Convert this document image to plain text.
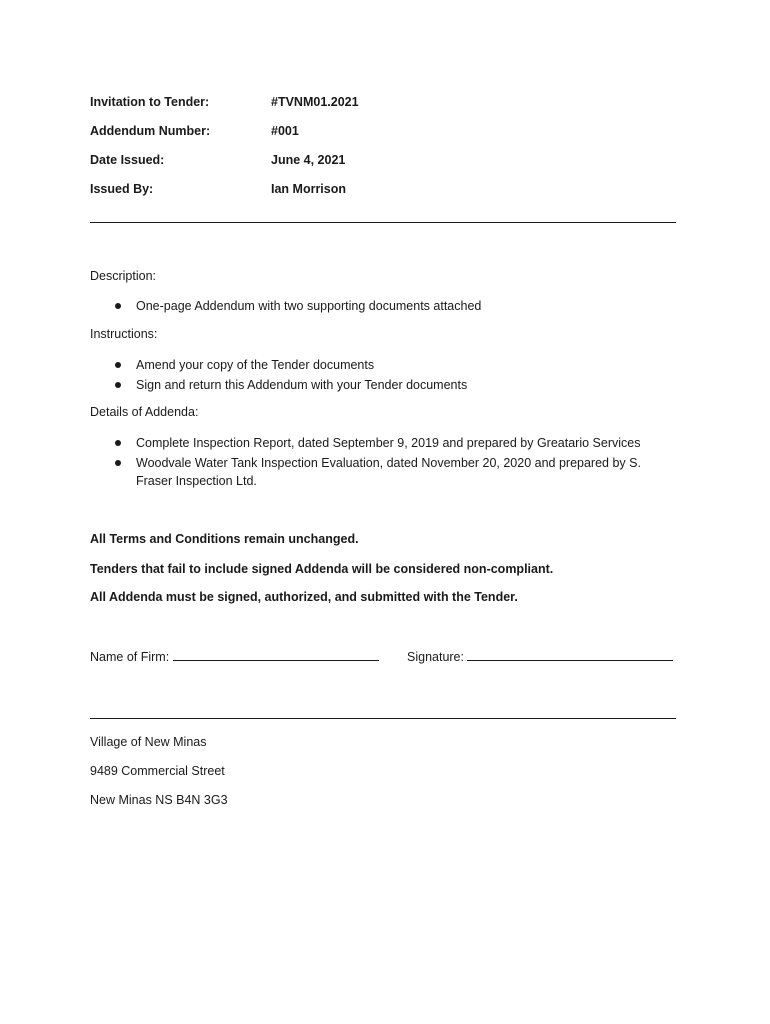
Invitation to Tender:	#TVNM01.2021
Addendum Number:	#001
Date Issued:	June 4, 2021
Issued By:	Ian Morrison
Description:
One-page Addendum with two supporting documents attached
Instructions:
Amend your copy of the Tender documents
Sign and return this Addendum with your Tender documents
Details of Addenda:
Complete Inspection Report, dated September 9, 2019 and prepared by Greatario Services
Woodvale Water Tank Inspection Evaluation, dated November 20, 2020 and prepared by S. Fraser Inspection Ltd.
All Terms and Conditions remain unchanged.
Tenders that fail to include signed Addenda will be considered non-compliant.
All Addenda must be signed, authorized, and submitted with the Tender.
Name of Firm:	Signature:
Village of New Minas
9489 Commercial Street
New Minas NS B4N 3G3
